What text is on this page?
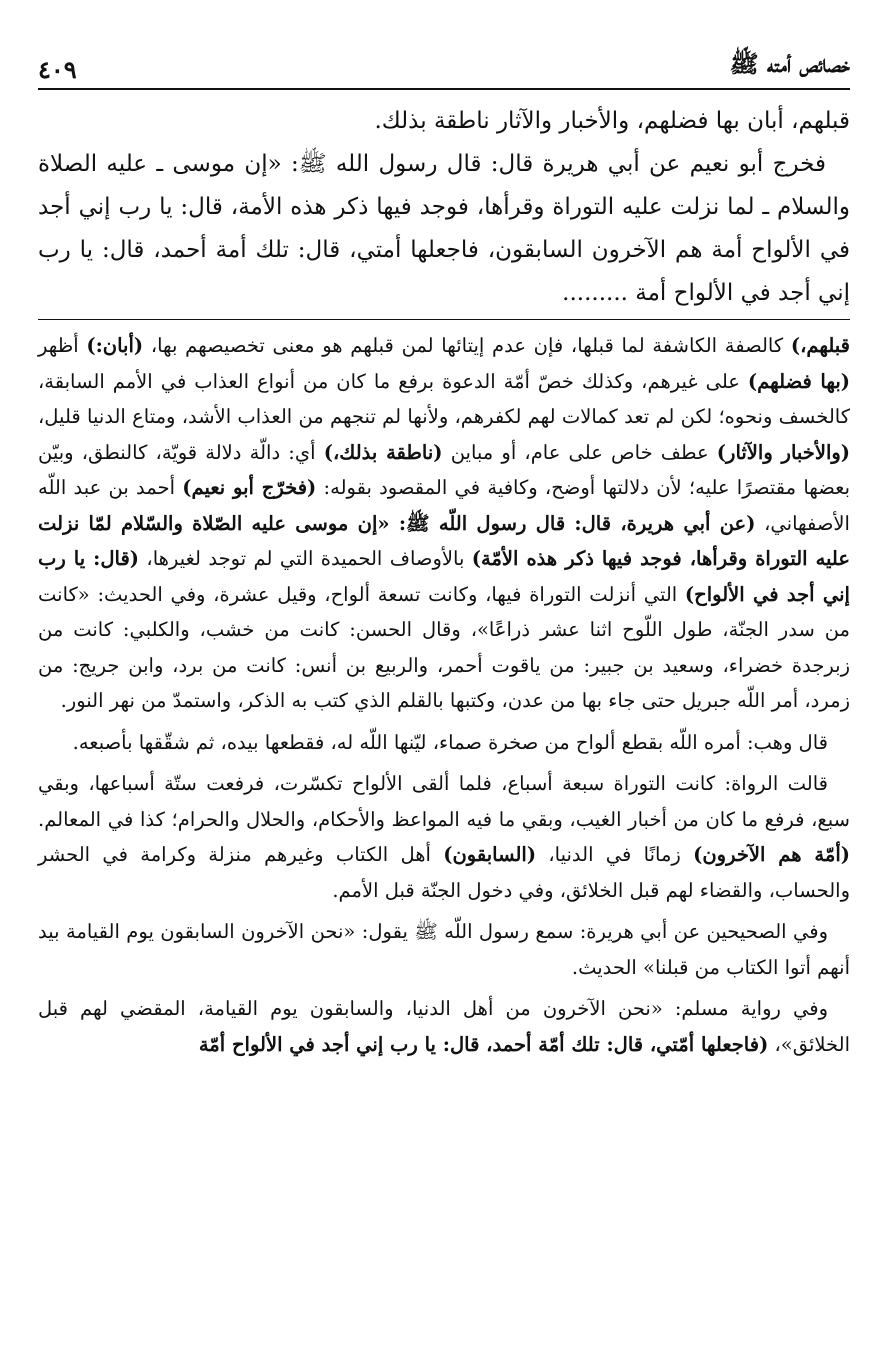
خصائص أمته ﷺ
٤٠٩

قبلهم، أبان بها فضلهم، والأخبار والآثار ناطقة بذلك.

فخرج أبو نعيم عن أبي هريرة قال: قال رسول الله ﷺ: «إن موسى ـ عليه الصلاة والسلام ـ لما نزلت عليه التوراة وقرأها، فوجد فيها ذكر هذه الأمة، قال: يا رب إني أجد في الألواح أمة هم الآخرون السابقون، فاجعلها أمتي، قال: تلك أمة أحمد، قال: يا رب إني أجد في الألواح أمة .........

قبلهم،) كالصفة الكاشفة لما قبلها، فإن عدم إيتائها لمن قبلهم هو معنى تخصيصهم بها، (أبان:) أظهر (بها فضلهم) على غيرهم، وكذلك خصّ أمّة الدعوة برفع ما كان من أنواع العذاب في الأمم السابقة، كالخسف ونحوه؛ لكن لم تعد كمالات لهم لكفرهم، ولأنها لم تنجهم من العذاب الأشد، ومتاع الدنيا قليل، (والأخبار والآثار) عطف خاص على عام، أو مباين (ناطقة بذلك،) أي: دالّة دلالة قويّة، كالنطق، وبيّن بعضها مقتصرًا عليه؛ لأن دلالتها أوضح، وكافية في المقصود بقوله: (فخرّج أبو نعيم) أحمد بن عبد اللّه الأصفهاني، (عن أبي هريرة، قال: قال رسول اللّه ﷺ: «إن موسى عليه الصّلاة والسّلام لمّا نزلت عليه التوراة وقرأها، فوجد فيها ذكر هذه الأمّة) بالأوصاف الحميدة التي لم توجد لغيرها، (قال: يا رب إني أجد في الألواح) التي أنزلت التوراة فيها، وكانت تسعة ألواح، وقيل عشرة، وفي الحديث: «كانت من سدر الجنّة، طول اللّوح اثنا عشر ذراعًا»، وقال الحسن: كانت من خشب، والكلبي: كانت من زبرجدة خضراء، وسعيد بن جبير: من ياقوت أحمر، والربيع بن أنس: كانت من برد، وابن جريج: من زمرد، أمر اللّه جبريل حتى جاء بها من عدن، وكتبها بالقلم الذي كتب به الذكر، واستمدّ من نهر النور.

قال وهب: أمره اللّه بقطع ألواح من صخرة صماء، ليّنها اللّه له، فقطعها بيده، ثم شقّقها بأصبعه.

قالت الرواة: كانت التوراة سبعة أسباع، فلما ألقى الألواح تكسّرت، فرفعت ستّة أسباعها، وبقي سبع، فرفع ما كان من أخبار الغيب، وبقي ما فيه المواعظ والأحكام، والحلال والحرام؛ كذا في المعالم. (أمّة هم الآخرون) زمانًا في الدنيا، (السابقون) أهل الكتاب وغيرهم منزلة وكرامة في الحشر والحساب، والقضاء لهم قبل الخلائق، وفي دخول الجنّة قبل الأمم.

وفي الصحيحين عن أبي هريرة: سمع رسول اللّه ﷺ يقول: «نحن الآخرون السابقون يوم القيامة بيد أنهم أتوا الكتاب من قبلنا» الحديث.

وفي رواية مسلم: «نحن الآخرون من أهل الدنيا، والسابقون يوم القيامة، المقضي لهم قبل الخلائق»، (فاجعلها أمّتي، قال: تلك أمّة أحمد، قال: يا رب إني أجد في الألواح أمّة
